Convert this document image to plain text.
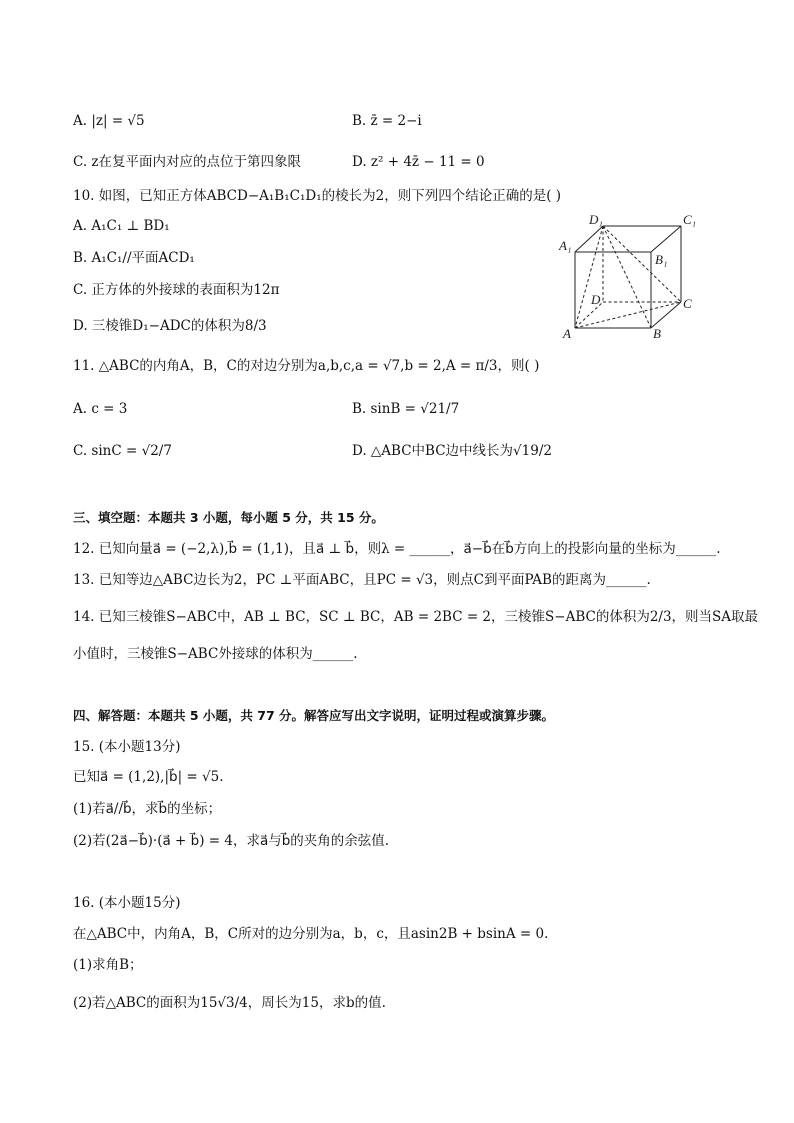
A. |z| = √5	B. z̄ = 2−i
C. z在复平面内对应的点位于第四象限	D. z² + 4z̄ − 11 = 0
10. 如图，已知正方体ABCD−A₁B₁C₁D₁的棱长为2，则下列四个结论正确的是( )
A. A₁C₁ ⊥ BD₁
B. A₁C₁//平面ACD₁
C. 正方体的外接球的表面积为12π
D. 三棱锥D₁−ADC的体积为8/3
D₁	C₁
A₁
B₁
D	C
A	B
11. △ABC的内角A，B，C的对边分别为a,b,c,a = √7,b = 2,A = π/3，则( )
A. c = 3	B. sinB = √21/7
C. sinC = √2/7	D. △ABC中BC边中线长为√19/2
三、填空题：本题共 3 小题，每小题 5 分，共 15 分。
12. 已知向量a⃗ = (−2,λ),b⃗ = (1,1)，且a⃗ ⊥ b⃗，则λ = ______，a⃗−b⃗在b⃗方向上的投影向量的坐标为______.
13. 已知等边△ABC边长为2，PC ⊥平面ABC，且PC = √3，则点C到平面PAB的距离为______.
14. 已知三棱锥S−ABC中，AB ⊥ BC，SC ⊥ BC，AB = 2BC = 2，三棱锥S−ABC的体积为2/3，则当SA取最
小值时，三棱锥S−ABC外接球的体积为______.
四、解答题：本题共 5 小题，共 77 分。解答应写出文字说明，证明过程或演算步骤。
15. (本小题13分)
已知a⃗ = (1,2),|b⃗| = √5.
(1)若a⃗//b⃗，求b⃗的坐标；
(2)若(2a⃗−b⃗)·(a⃗ + b⃗) = 4，求a⃗与b⃗的夹角的余弦值.
16. (本小题15分)
在△ABC中，内角A，B，C所对的边分别为a，b，c，且asin2B + bsinA = 0.
(1)求角B；
(2)若△ABC的面积为15√3/4，周长为15，求b的值.
